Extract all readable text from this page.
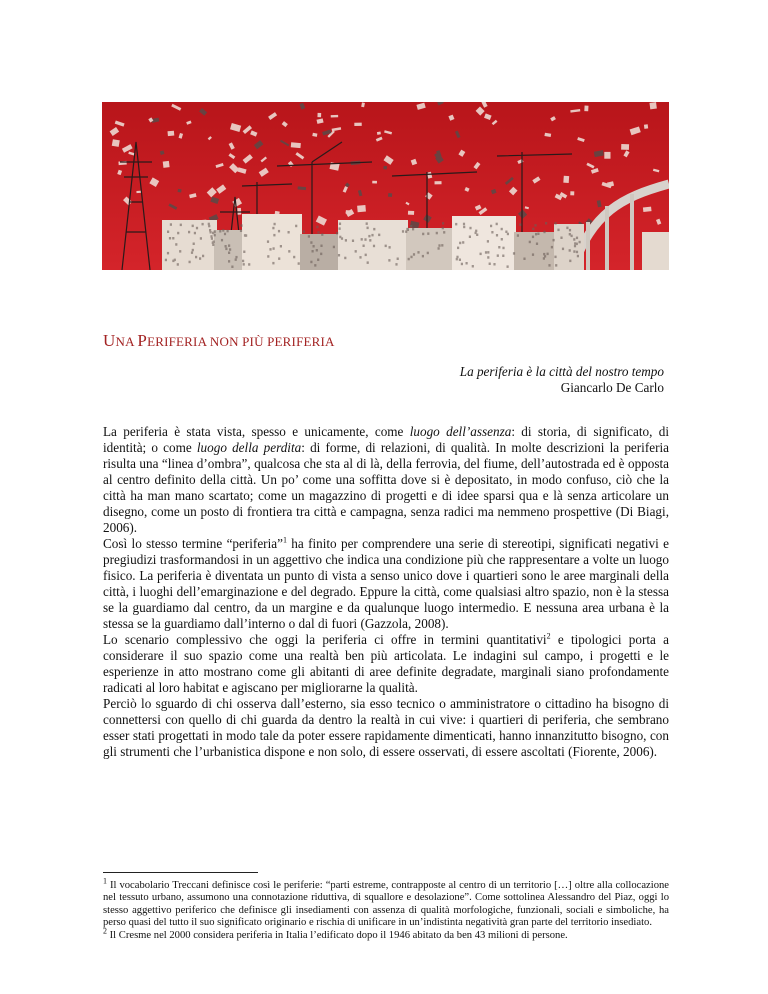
UNA PERIFERIA NON PIÙ PERIFERIA
La periferia è la città del nostro tempo
Giancarlo De Carlo

La periferia è stata vista, spesso e unicamente, come luogo dell’assenza: di storia, di significato, di identità; o come luogo della perdita: di forme, di relazioni, di qualità. In molte descrizioni la periferia risulta una “linea d’ombra”, qualcosa che sta al di là, della ferrovia, del fiume, dell’autostrada ed è opposta al centro definito della città. Un po’ come una soffitta dove si è depositato, in modo confuso, ciò che la città ha man mano scartato; come un magazzino di progetti e di idee sparsi qua e là senza articolare un disegno, come un posto di frontiera tra città e campagna, senza radici ma nemmeno prospettive (Di Biagi, 2006).

Così lo stesso termine “periferia”$^1$ ha finito per comprendere una serie di stereotipi, significati negativi e pregiudizi trasformandosi in un aggettivo che indica una condizione più che rappresentare a volte un luogo fisico. La periferia è diventata un punto di vista a senso unico dove i quartieri sono le aree marginali della città, i luoghi dell’emarginazione e del degrado. Eppure la città, come qualsiasi altro spazio, non è la stessa se la guardiamo dal centro, da un margine e da qualunque luogo intermedio. E nessuna area urbana è la stessa se la guardiamo dall’interno o dal di fuori (Gazzola, 2008).

Lo scenario complessivo che oggi la periferia ci offre in termini quantitativi$^2$ e tipologici porta a considerare il suo spazio come una realtà ben più articolata. Le indagini sul campo, i progetti e le esperienze in atto mostrano come gli abitanti di aree definite degradate, marginali siano profondamente radicati al loro habitat e agiscano per migliorarne la qualità.

Perciò lo sguardo di chi osserva dall’esterno, sia esso tecnico o amministratore o cittadino ha bisogno di connettersi con quello di chi guarda da dentro la realtà in cui vive: i quartieri di periferia, che sembrano esser stati progettati in modo tale da poter essere rapidamente dimenticati, hanno innanzitutto bisogno, con gli strumenti che l’urbanistica dispone e non solo, di essere osservati, di essere ascoltati (Fiorente, 2006).

$^1$ Il vocabolario Treccani definisce così le periferie: “parti estreme, contrapposte al centro di un territorio […] oltre alla collocazione nel tessuto urbano, assumono una connotazione riduttiva, di squallore e desolazione”. Come sottolinea Alessandro del Piaz, oggi lo stesso aggettivo periferico che definisce gli insediamenti con assenza di qualità morfologiche, funzionali, sociali e simboliche, ha perso quasi del tutto il suo significato originario e rischia di unificare in un’indistinta negatività gran parte del territorio insediato.

$^2$ Il Cresme nel 2000 considera periferia in Italia l’edificato dopo il 1946 abitato da ben 43 milioni di persone.
